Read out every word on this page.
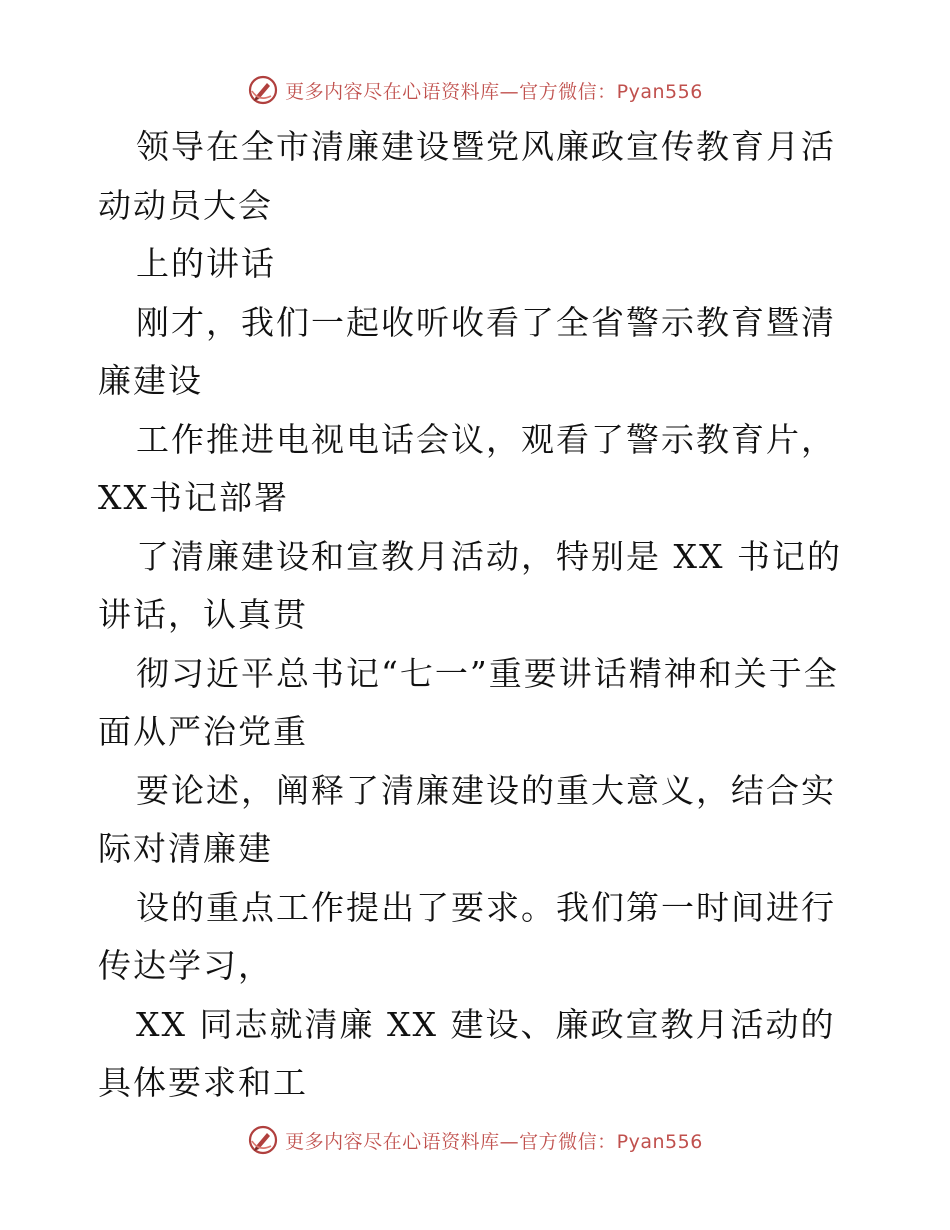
更多内容尽在心语资料库—官方微信：Pyan556

领导在全市清廉建设暨党风廉政宣传教育月活动动员大会

上的讲话

刚才，我们一起收听收看了全省警示教育暨清廉建设

工作推进电视电话会议，观看了警示教育片，XX书记部署

了清廉建设和宣教月活动，特别是 XX 书记的讲话，认真贯

彻习近平总书记“七一”重要讲话精神和关于全面从严治党重

要论述，阐释了清廉建设的重大意义，结合实际对清廉建

设的重点工作提出了要求。我们第一时间进行传达学习，

XX 同志就清廉 XX 建设、廉政宣教月活动的具体要求和工

更多内容尽在心语资料库—官方微信：Pyan556
